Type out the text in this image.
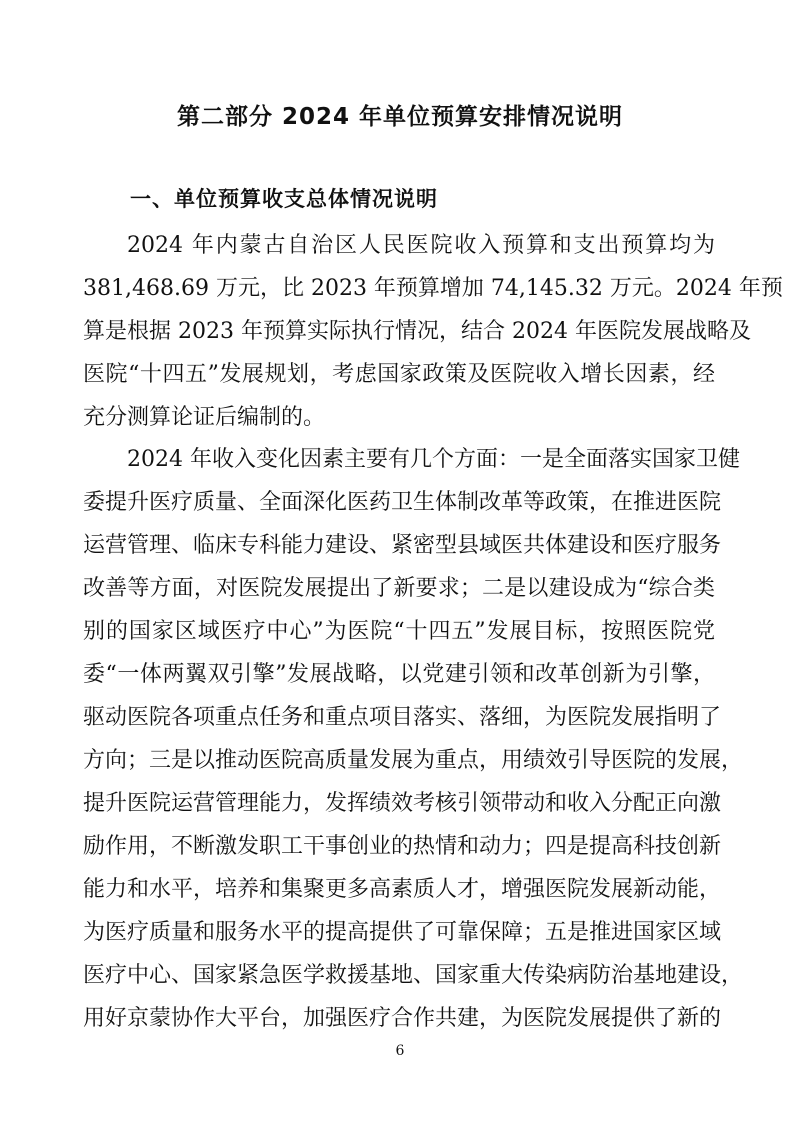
第二部分 2024 年单位预算安排情况说明
一、单位预算收支总体情况说明
2024 年内蒙古自治区人民医院收入预算和支出预算均为
381,468.69 万元，比 2023 年预算增加 74,145.32 万元。2024 年预
算是根据 2023 年预算实际执行情况，结合 2024 年医院发展战略及
医院“十四五”发展规划，考虑国家政策及医院收入增长因素，经
充分测算论证后编制的。
2024 年收入变化因素主要有几个方面：一是全面落实国家卫健
委提升医疗质量、全面深化医药卫生体制改革等政策，在推进医院
运营管理、临床专科能力建设、紧密型县域医共体建设和医疗服务
改善等方面，对医院发展提出了新要求；二是以建设成为“综合类
别的国家区域医疗中心”为医院“十四五”发展目标，按照医院党
委“一体两翼双引擎”发展战略，以党建引领和改革创新为引擎，
驱动医院各项重点任务和重点项目落实、落细，为医院发展指明了
方向；三是以推动医院高质量发展为重点，用绩效引导医院的发展，
提升医院运营管理能力，发挥绩效考核引领带动和收入分配正向激
励作用，不断激发职工干事创业的热情和动力；四是提高科技创新
能力和水平，培养和集聚更多高素质人才，增强医院发展新动能，
为医疗质量和服务水平的提高提供了可靠保障；五是推进国家区域
医疗中心、国家紧急医学救援基地、国家重大传染病防治基地建设，
用好京蒙协作大平台，加强医疗合作共建，为医院发展提供了新的
6
